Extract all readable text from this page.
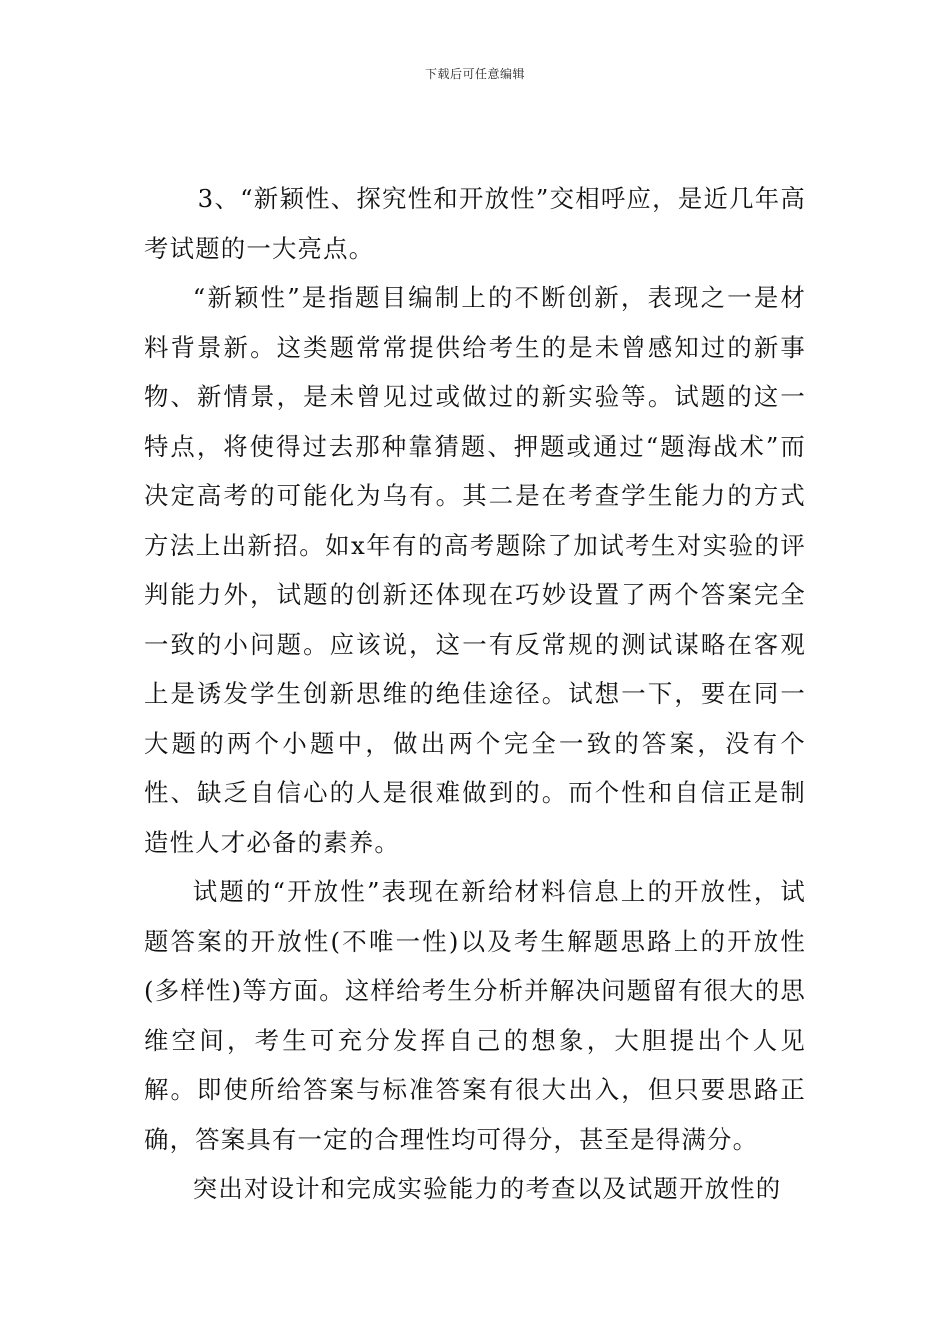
下载后可任意编辑

3、“新颖性、探究性和开放性”交相呼应，是近几年高考试题的一大亮点。

“新颖性”是指题目编制上的不断创新，表现之一是材料背景新。这类题常常提供给考生的是未曾感知过的新事物、新情景，是未曾见过或做过的新实验等。试题的这一特点，将使得过去那种靠猜题、押题或通过“题海战术”而决定高考的可能化为乌有。其二是在考查学生能力的方式方法上出新招。如x年有的高考题除了加试考生对实验的评判能力外，试题的创新还体现在巧妙设置了两个答案完全一致的小问题。应该说，这一有反常规的测试谋略在客观上是诱发学生创新思维的绝佳途径。试想一下，要在同一大题的两个小题中，做出两个完全一致的答案，没有个性、缺乏自信心的人是很难做到的。而个性和自信正是制造性人才必备的素养。

试题的“开放性”表现在新给材料信息上的开放性，试题答案的开放性(不唯一性)以及考生解题思路上的开放性(多样性)等方面。这样给考生分析并解决问题留有很大的思维空间，考生可充分发挥自己的想象，大胆提出个人见解。即使所给答案与标准答案有很大出入，但只要思路正确，答案具有一定的合理性均可得分，甚至是得满分。

突出对设计和完成实验能力的考查以及试题开放性的
